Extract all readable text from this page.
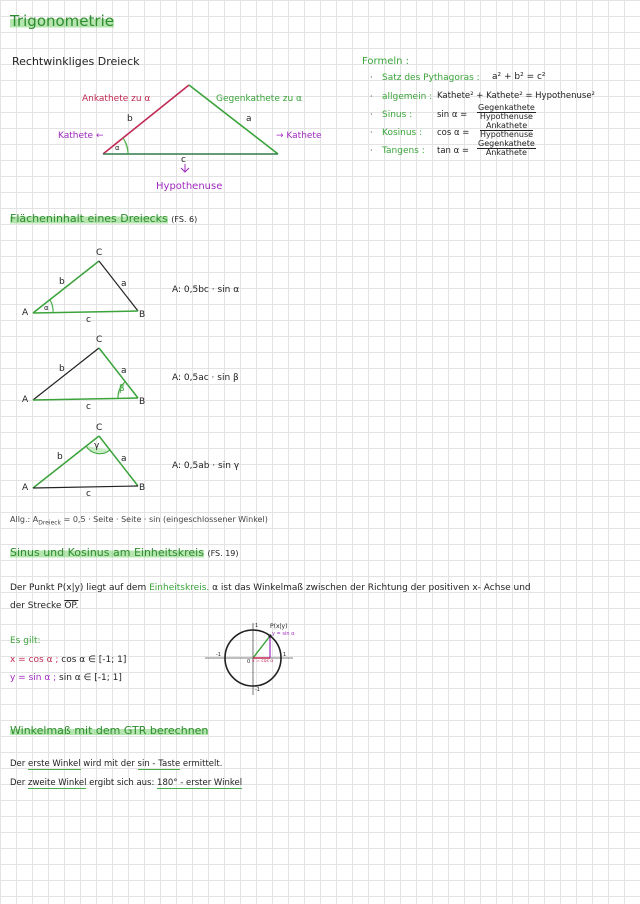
Trigonometrie
Rechtwinkliges Dreieck
Ankathete zu α	Gegenkathete zu α
Kathete ←	→ Kathete
b	a
c
α
Hypothenuse
Formeln :
· Satz des Pythagoras : a² + b² = c²
· allgemein : Kathete² + Kathete² = Hypothenuse²
· Sinus :	sin α =
Gegenkathete
Hypothenuse
· Kosinus : cos α =
Ankathete
Hypothenuse
· Tangens : tan α =
Gegenkathete
Ankathete
Flächeninhalt eines Dreiecks (FS. 6)
C
A	B
b	a
c
α
A: 0,5bc · sin α
C
A	B
b	a
c
β
A: 0,5ac · sin β
C
A	B
b	a
c
γ
A: 0,5ab · sin γ
Allg.: $A_{Dreieck} = 0,5$ · Seite · Seite · sin (eingeschlossener Winkel)
Sinus und Kosinus am Einheitskreis (FS. 19)
Der Punkt P(x|y) liegt auf dem Einheitskreis. α ist das Winkelmaß zwischen der Richtung der positiven x- Achse und
der Strecke OP.
Es gilt:
x = cos α ; cos α ∈ [-1; 1]
y = sin α ; sin α ∈ [-1; 1]
P(x|y)
y = sin α
x = cos α
0
1
1
-1
-1
Winkelmaß mit dem GTR berechnen
Der erste Winkel wird mit der sin - Taste ermittelt.
Der zweite Winkel ergibt sich aus: 180° - erster Winkel
